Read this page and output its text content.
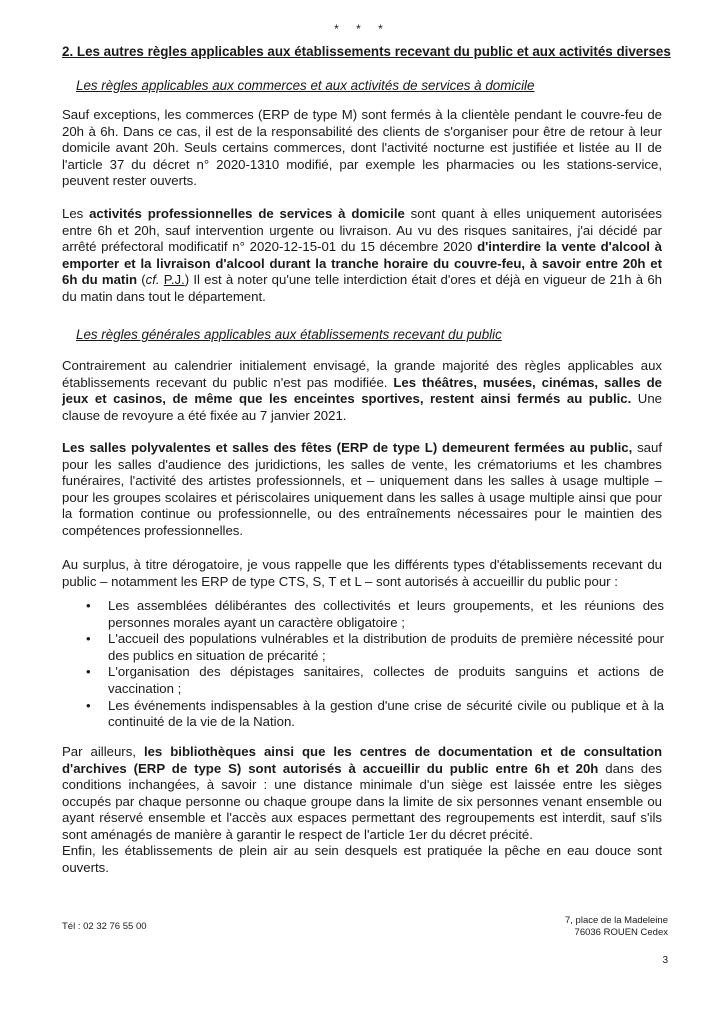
* * *
2. Les autres règles applicables aux établissements recevant du public et aux activités diverses
Les règles applicables aux commerces et aux activités de services à domicile

Sauf exceptions, les commerces (ERP de type M) sont fermés à la clientèle pendant le couvre-feu de 20h à 6h. Dans ce cas, il est de la responsabilité des clients de s'organiser pour être de retour à leur domicile avant 20h. Seuls certains commerces, dont l'activité nocturne est justifiée et listée au II de l'article 37 du décret n° 2020-1310 modifié, par exemple les pharmacies ou les stations-service, peuvent rester ouverts.

Les activités professionnelles de services à domicile sont quant à elles uniquement autorisées entre 6h et 20h, sauf intervention urgente ou livraison. Au vu des risques sanitaires, j'ai décidé par arrêté préfectoral modificatif n° 2020-12-15-01 du 15 décembre 2020 d'interdire la vente d'alcool à emporter et la livraison d'alcool durant la tranche horaire du couvre-feu, à savoir entre 20h et 6h du matin (cf. P.J.) Il est à noter qu'une telle interdiction était d'ores et déjà en vigueur de 21h à 6h du matin dans tout le département.

Les règles générales applicables aux établissements recevant du public

Contrairement au calendrier initialement envisagé, la grande majorité des règles applicables aux établissements recevant du public n'est pas modifiée. Les théâtres, musées, cinémas, salles de jeux et casinos, de même que les enceintes sportives, restent ainsi fermés au public. Une clause de revoyure a été fixée au 7 janvier 2021.

Les salles polyvalentes et salles des fêtes (ERP de type L) demeurent fermées au public, sauf pour les salles d'audience des juridictions, les salles de vente, les crématoriums et les chambres funéraires, l'activité des artistes professionnels, et – uniquement dans les salles à usage multiple – pour les groupes scolaires et périscolaires uniquement dans les salles à usage multiple ainsi que pour la formation continue ou professionnelle, ou des entraînements nécessaires pour le maintien des compétences professionnelles.

Au surplus, à titre dérogatoire, je vous rappelle que les différents types d'établissements recevant du public – notamment les ERP de type CTS, S, T et L – sont autorisés à accueillir du public pour :

• Les assemblées délibérantes des collectivités et leurs groupements, et les réunions des personnes morales ayant un caractère obligatoire ;
• L'accueil des populations vulnérables et la distribution de produits de première nécessité pour des publics en situation de précarité ;
• L'organisation des dépistages sanitaires, collectes de produits sanguins et actions de vaccination ;
• Les événements indispensables à la gestion d'une crise de sécurité civile ou publique et à la continuité de la vie de la Nation.

Par ailleurs, les bibliothèques ainsi que les centres de documentation et de consultation d'archives (ERP de type S) sont autorisés à accueillir du public entre 6h et 20h dans des conditions inchangées, à savoir : une distance minimale d'un siège est laissée entre les sièges occupés par chaque personne ou chaque groupe dans la limite de six personnes venant ensemble ou ayant réservé ensemble et l'accès aux espaces permettant des regroupements est interdit, sauf s'ils sont aménagés de manière à garantir le respect de l'article 1er du décret précité.

Enfin, les établissements de plein air au sein desquels est pratiquée la pêche en eau douce sont ouverts.

Tél : 02 32 76 55 00
7, place de la Madeleine
76036 ROUEN Cedex
3
